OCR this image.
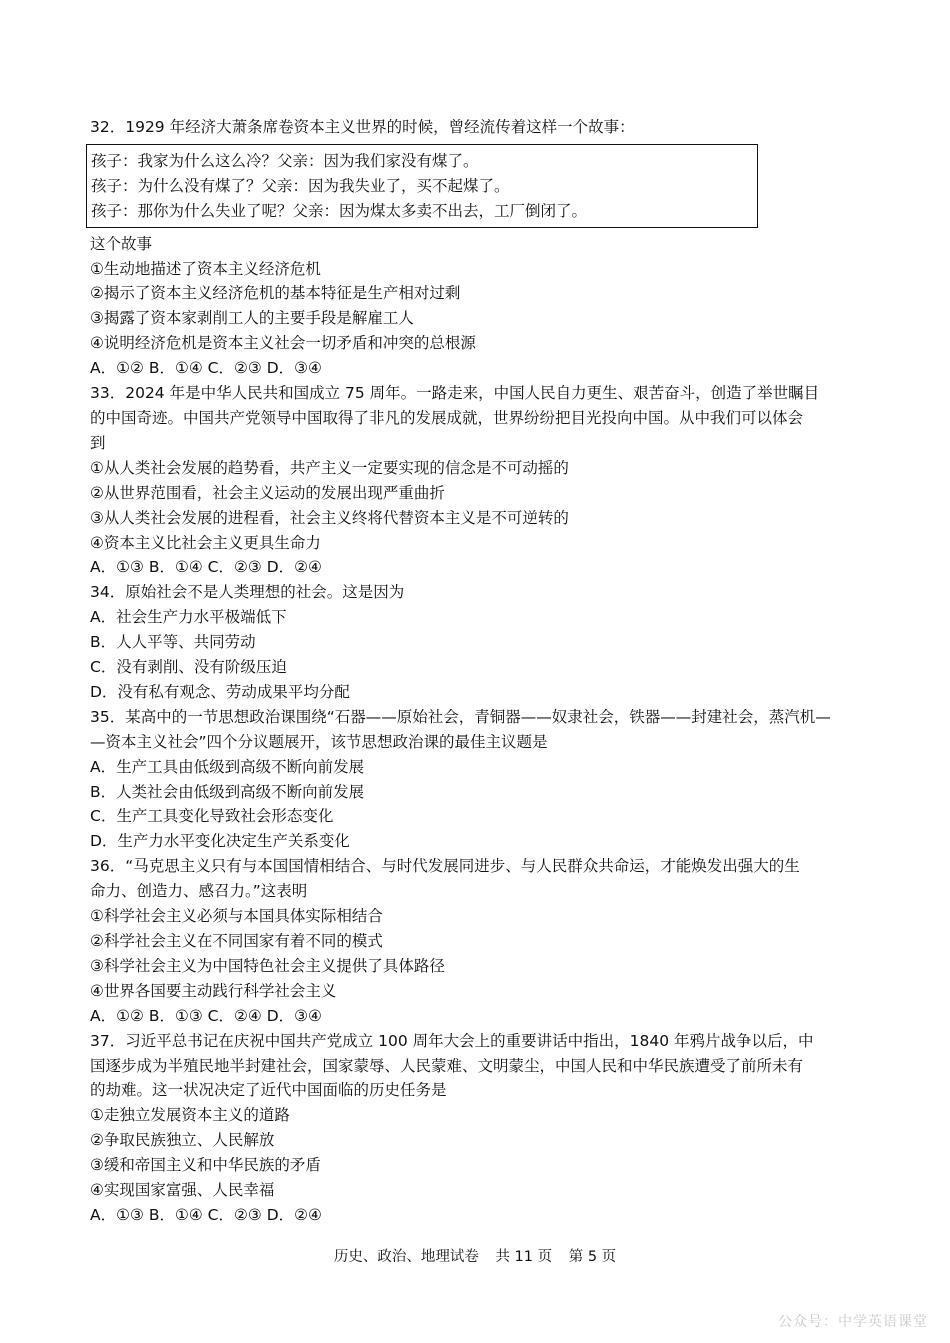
32．1929 年经济大萧条席卷资本主义世界的时候，曾经流传着这样一个故事：

孩子：我家为什么这么冷？父亲：因为我们家没有煤了。

孩子：为什么没有煤了？父亲：因为我失业了，买不起煤了。

孩子：那你为什么失业了呢？父亲：因为煤太多卖不出去，工厂倒闭了。

这个故事

①生动地描述了资本主义经济危机

②揭示了资本主义经济危机的基本特征是生产相对过剩

③揭露了资本家剥削工人的主要手段是解雇工人

④说明经济危机是资本主义社会一切矛盾和冲突的总根源

A．①② B．①④ C．②③ D．③④

33．2024 年是中华人民共和国成立 75 周年。一路走来，中国人民自力更生、艰苦奋斗，创造了举世瞩目

的中国奇迹。中国共产党领导中国取得了非凡的发展成就，世界纷纷把目光投向中国。从中我们可以体会

到

①从人类社会发展的趋势看，共产主义一定要实现的信念是不可动摇的

②从世界范围看，社会主义运动的发展出现严重曲折

③从人类社会发展的进程看，社会主义终将代替资本主义是不可逆转的

④资本主义比社会主义更具生命力

A．①③ B．①④ C．②③ D．②④

34．原始社会不是人类理想的社会。这是因为

A．社会生产力水平极端低下

B．人人平等、共同劳动

C．没有剥削、没有阶级压迫

D．没有私有观念、劳动成果平均分配

35．某高中的一节思想政治课围绕“石器——原始社会，青铜器——奴隶社会，铁器——封建社会，蒸汽机—

—资本主义社会”四个分议题展开，该节思想政治课的最佳主议题是

A．生产工具由低级到高级不断向前发展

B．人类社会由低级到高级不断向前发展

C．生产工具变化导致社会形态变化

D．生产力水平变化决定生产关系变化

36．“马克思主义只有与本国国情相结合、与时代发展同进步、与人民群众共命运，才能焕发出强大的生

命力、创造力、感召力。”这表明

①科学社会主义必须与本国具体实际相结合

②科学社会主义在不同国家有着不同的模式

③科学社会主义为中国特色社会主义提供了具体路径

④世界各国要主动践行科学社会主义

A．①② B．①③ C．②④ D．③④

37．习近平总书记在庆祝中国共产党成立 100 周年大会上的重要讲话中指出，1840 年鸦片战争以后，中

国逐步成为半殖民地半封建社会，国家蒙辱、人民蒙难、文明蒙尘，中国人民和中华民族遭受了前所未有

的劫难。这一状况决定了近代中国面临的历史任务是

①走独立发展资本主义的道路

②争取民族独立、人民解放

③缓和帝国主义和中华民族的矛盾

④实现国家富强、人民幸福

A．①③ B．①④ C．②③ D．②④

历史、政治、地理试卷 共 11 页 第 5 页
公众号：中学英语课堂
